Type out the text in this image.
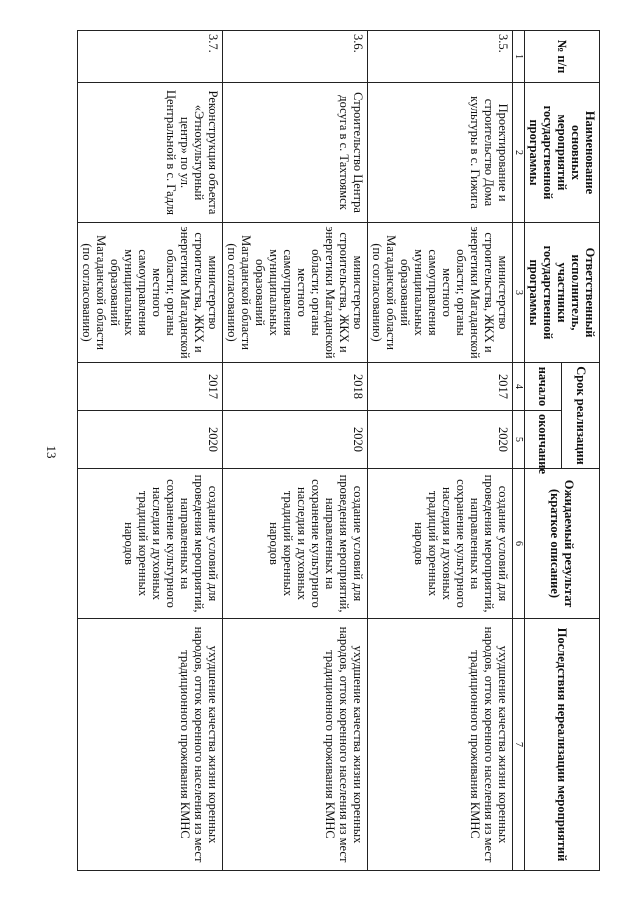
13
№ п/п	Наименование основных мероприятий государственной программы	Ответственный исполнитель, участники государственной программы	Срок реализации		Ожидаемый результат (краткое описание)	Последствия нереализации мероприятий
			начало	окончание		
1	2	3	4	5	6	7
3.5.	Проектирование и строительство Дома культуры в с. Гижига	министерство строительства, ЖКХ и энергетики Магаданской области; органы местного самоуправления муниципальных образований Магаданской области (по согласованию)	2017	2020	создание условий для проведения мероприятий, направленных на сохранение культурного наследия и духовных традиций коренных народов	ухудшение качества жизни коренных народов, отток коренного населения из мест традиционного проживания КМНС
3.6.	Строительство Центра досуга в с. Тахтоямск	министерство строительства, ЖКХ и энергетики Магаданской области; органы местного самоуправления муниципальных образований Магаданской области (по согласованию)	2018	2020	создание условий для проведения мероприятий, направленных на сохранение культурного наследия и духовных традиций коренных народов	ухудшение качества жизни коренных народов, отток коренного населения из мест традиционного проживания КМНС
3.7.	Реконструкция объекта «Этнокультурный центр» по ул. Центральной в с. Гадля	министерство строительства, ЖКХ и энергетики Магаданской области; органы местного самоуправления муниципальных образований Магаданской области (по согласованию)	2017	2020	создание условий для проведения мероприятий, направленных на сохранение культурного наследия и духовных традиций коренных народов	ухудшение качества жизни коренных народов, отток коренного населения из мест традиционного проживания КМНС
